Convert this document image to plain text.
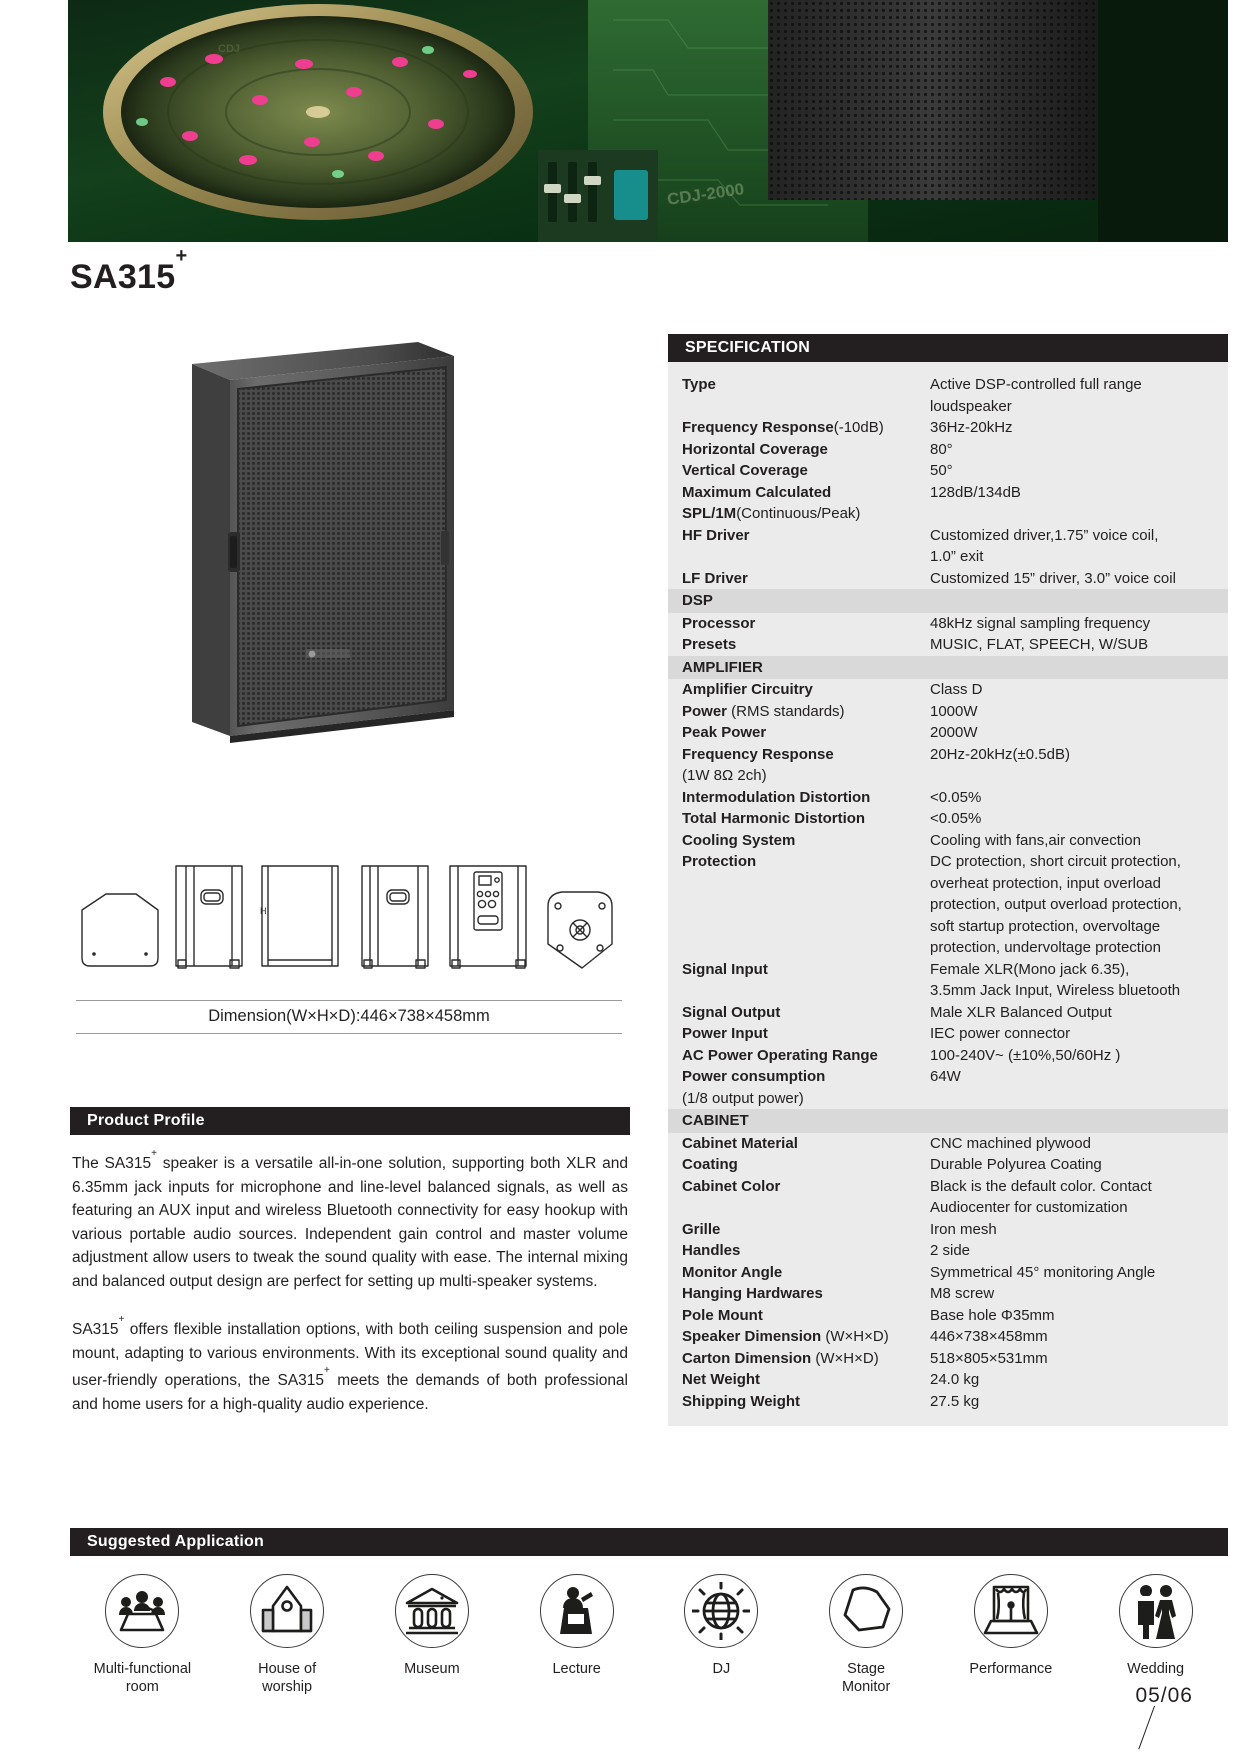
CDJ-2000
CDJ
SA315+
H
Dimension(W×H×D):446×738×458mm
SPECIFICATION
Type	Active DSP-controlled full range
loudspeaker
Frequency Response(-10dB)	36Hz-20kHz
Horizontal Coverage	80°
Vertical Coverage	50°
Maximum Calculated	128dB/134dB
SPL/1M(Continuous/Peak)
HF Driver	Customized driver,1.75” voice coil,
1.0” exit
LF Driver	Customized 15” driver, 3.0” voice coil
DSP
Processor	48kHz signal sampling frequency
Presets	MUSIC, FLAT, SPEECH, W/SUB
AMPLIFIER
Amplifier Circuitry	Class D
Power (RMS standards)	1000W
Peak Power	2000W
Frequency Response	20Hz-20kHz(±0.5dB)
(1W 8Ω 2ch)
Intermodulation Distortion	<0.05%
Total Harmonic Distortion	<0.05%
Cooling System	Cooling with fans,air convection
Protection	DC protection, short circuit protection,
overheat protection, input overload
protection, output overload protection,
soft startup protection, overvoltage
protection, undervoltage protection
Signal Input	Female XLR(Mono jack 6.35),
3.5mm Jack Input, Wireless bluetooth
Signal Output	Male XLR Balanced Output
Power Input	IEC power connector
AC Power Operating Range	100-240V~ (±10%,50/60Hz )
Power consumption	64W
(1/8 output power)
CABINET
Cabinet Material	CNC machined plywood
Coating	Durable Polyurea Coating
Cabinet Color	Black is the default color. Contact
Audiocenter for customization
Grille	Iron mesh
Handles	2 side
Monitor Angle	Symmetrical 45° monitoring Angle
Hanging Hardwares	M8 screw
Pole Mount	Base hole Φ35mm
Speaker Dimension (W×H×D)	446×738×458mm
Carton Dimension (W×H×D)	518×805×531mm
Net Weight	24.0 kg
Shipping Weight	27.5 kg
Product Profile

The SA315+ speaker is a versatile all-in-one solution, supporting both XLR and 6.35mm jack inputs for microphone and line-level balanced signals, as well as featuring an AUX input and wireless Bluetooth connectivity for easy hookup with various portable audio sources. Independent gain control and master volume adjustment allow users to tweak the sound quality with ease. The internal mixing and balanced output design are perfect for setting up multi-speaker systems.

SA315+ offers flexible installation options, with both ceiling suspension and pole mount, adapting to various environments. With its exceptional sound quality and user-friendly operations, the SA315+ meets the demands of both professional and home users for a high-quality audio experience.

Suggested Application
Multi-functional
room
House of
worship
Museum	Lecture	DJ	Stage
Monitor
Performance	Wedding
05/06
